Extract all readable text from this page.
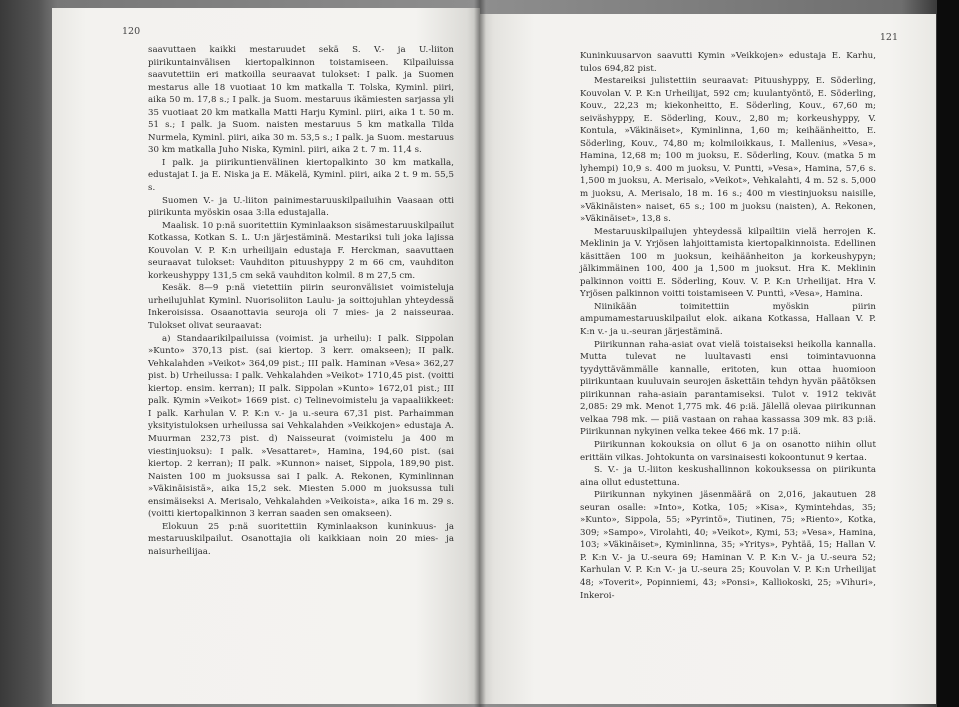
120

saavuttaen kaikki mestaruudet sekä S. V.- ja U.-liiton piirikuntainvälisen kiertopalkinnon toistamiseen. Kilpailuissa saavutettiin eri matkoilla seuraavat tulokset: I palk. ja Suomen mestarus alle 18 vuotiaat 10 km matkalla T. Tolska, Kyminl. piiri, aika 50 m. 17,8 s.; I palk. ja Suom. mestaruus ikämiesten sarjassa yli 35 vuotiaat 20 km matkalla Matti Harju Kyminl. piiri, aika 1 t. 50 m. 51 s.; I palk. ja Suom. naisten mestaruus 5 km matkalla Tilda Nurmela, Kyminl. piiri, aika 30 m. 53,5 s.; I palk. ja Suom. mestaruus 30 km matkalla Juho Niska, Kyminl. piiri, aika 2 t. 7 m. 11,4 s.

I palk. ja piirikuntienvälinen kiertopalkinto 30 km matkalla, edustajat I. ja E. Niska ja E. Mäkelä, Kyminl. piiri, aika 2 t. 9 m. 55,5 s.

Suomen V.- ja U.-liiton painimestaruuskilpailuihin Vaasaan otti piirikunta myöskin osaa 3:lla edustajalla.

Maalisk. 10 p:nä suoritettiin Kyminlaakson sisämestaruuskilpailut Kotkassa, Kotkan S. L. U:n järjestäminä. Mestariksi tuli joka lajissa Kouvolan V. P. K:n urheilijain edustaja F. Herckman, saavuttaen seuraavat tulokset: Vauhditon pituushyppy 2 m 66 cm, vauhditon korkeushyppy 131,5 cm sekä vauhditon kolmil. 8 m 27,5 cm.

Kesäk. 8—9 p:nä vietettiin piirin seuronvälisiet voimisteluja urheilujuhlat Kyminl. Nuorisoliiton Laulu- ja soittojuhlan yhteydessä Inkeroisissa. Osaanottavia seuroja oli 7 mies- ja 2 naisseuraa. Tulokset olivat seuraavat:

a) Standaarikilpailuissa (voimist. ja urheilu): I palk. Sippolan »Kunto» 370,13 pist. (sai kiertop. 3 kerr. omakseen); II palk. Vehkalahden »Veikot» 364,09 pist.; III palk. Haminan »Vesa» 362,27 pist. b) Urheilussa: I palk. Vehkalahden »Veikot» 1710,45 pist. (voitti kiertop. ensim. kerran); II palk. Sippolan »Kunto» 1672,01 pist.; III palk. Kymin »Veikot» 1669 pist. c) Telinevoimistelu ja vapaaliikkeet: I palk. Karhulan V. P. K:n v.- ja u.-seura 67,31 pist. Parhaimman yksityistuloksen urheilussa sai Vehkalahden »Veikkojen» edustaja A. Muurman 232,73 pist. d) Naisseurat (voimistelu ja 400 m viestinjuoksu): I palk. »Vesattaret», Hamina, 194,60 pist. (sai kiertop. 2 kerran); II palk. »Kunnon» naiset, Sippola, 189,90 pist. Naisten 100 m juoksussa sai I palk. A. Rekonen, Kyminlinnan »Väkinäisistä», aika 15,2 sek. Miesten 5.000 m juoksussa tuli ensimäiseksi A. Merisalo, Vehkalahden »Veikoista», aika 16 m. 29 s. (voitti kiertopalkinnon 3 kerran saaden sen omakseen).

Elokuun 25 p:nä suoritettiin Kyminlaakson kuninkuus- ja mestaruuskilpailut. Osanottajia oli kaikkiaan noin 20 mies- ja naisurheilijaa.

121

Kuninkuusarvon saavutti Kymin »Veikkojen» edustaja E. Karhu, tulos 694,82 pist.

Mestareiksi julistettiin seuraavat: Pituushyppy, E. Söderling, Kouvolan V. P. K:n Urheilijat, 592 cm; kuulantyöntö, E. Söderling, Kouv., 22,23 m; kiekonheitto, E. Söderling, Kouv., 67,60 m; seiväshyppy, E. Söderling, Kouv., 2,80 m; korkeushyppy, V. Kontula, »Väkinäiset», Kyminlinna, 1,60 m; keihäänheitto, E. Söderling, Kouv., 74,80 m; kolmiloikkaus, I. Mallenius, »Vesa», Hamina, 12,68 m; 100 m juoksu, E. Söderling, Kouv. (matka 5 m lyhempi) 10,9 s. 400 m juoksu, V. Puntti, »Vesa», Hamina, 57,6 s. 1,500 m juoksu, A. Merisalo, »Veikot», Vehkalahti, 4 m. 52 s. 5,000 m juoksu, A. Merisalo, 18 m. 16 s.; 400 m viestinjuoksu naisille, »Väkinäisten» naiset, 65 s.; 100 m juoksu (naisten), A. Rekonen, »Väkinäiset», 13,8 s.

Mestaruuskilpailujen yhteydessä kilpailtiin vielä herrojen K. Meklinin ja V. Yrjösen lahjoittamista kiertopalkinnoista. Edellinen käsittäen 100 m juoksun, keihäänheiton ja korkeushypyn; jälkimmäinen 100, 400 ja 1,500 m juoksut. Hra K. Meklinin palkinnon voitti E. Söderling, Kouv. V. P. K:n Urheilijat. Hra V. Yrjösen palkinnon voitti toistamiseen V. Punttì, »Vesa», Hamina.

Niinikään toimitettiin myöskin piirin ampumamestaruuskilpailut elok. aikana Kotkassa, Hallaan V. P. K:n v.- ja u.-seuran järjestäminä.

Piirikunnan raha-asiat ovat vielä toistaiseksi heikolla kannalla. Mutta tulevat ne luultavasti ensi toimintavuonna tyydyttävämmälle kannalle, eritoten, kun ottaa huomioon piirikuntaan kuuluvain seurojen äskettäin tehdyn hyvän päätöksen piirikunnan raha-asiain parantamiseksi. Tulot v. 1912 tekivät 2,085: 29 mk. Menot 1,775 mk. 46 p:iä. Jälellä olevaa piirikunnan velkaa 798 mk. — piiä vastaan on rahaa kassassa 309 mk. 83 p:iä. Piirikunnan nykyinen velka tekee 466 mk. 17 p:iä.

Piirikunnan kokouksia on ollut 6 ja on osanotto niihin ollut erittäin vilkas. Johtokunta on varsinaisesti kokoontunut 9 kertaa.

S. V.- ja U.-liiton keskushallinnon kokouksessa on piirikunta aina ollut edustettuna.

Piirikunnan nykyinen jäsenmäärä on 2,016, jakautuen 28 seuran osalle: »Into», Kotka, 105; »Kisa», Kymintehdas, 35; »Kunto», Sippola, 55; »Pyrintö», Tiutinen, 75; »Riento», Kotka, 309; »Sampo», Virolahti, 40; »Veikot», Kymi, 53; »Vesa», Hamina, 103; »Väkinäiset», Kyminlinna, 35; »Yritys», Pyhtää, 15; Hallan V. P. K:n V.- ja U.-seura 69; Haminan V. P. K:n V.- ja U.-seura 52; Karhulan V. P. K:n V.- ja U.-seura 25; Kouvolan V. P. K:n Urheilijat 48; »Toverit», Popinniemi, 43; »Ponsi», Kalliokoski, 25; »Vihuri», Inkeroi-
